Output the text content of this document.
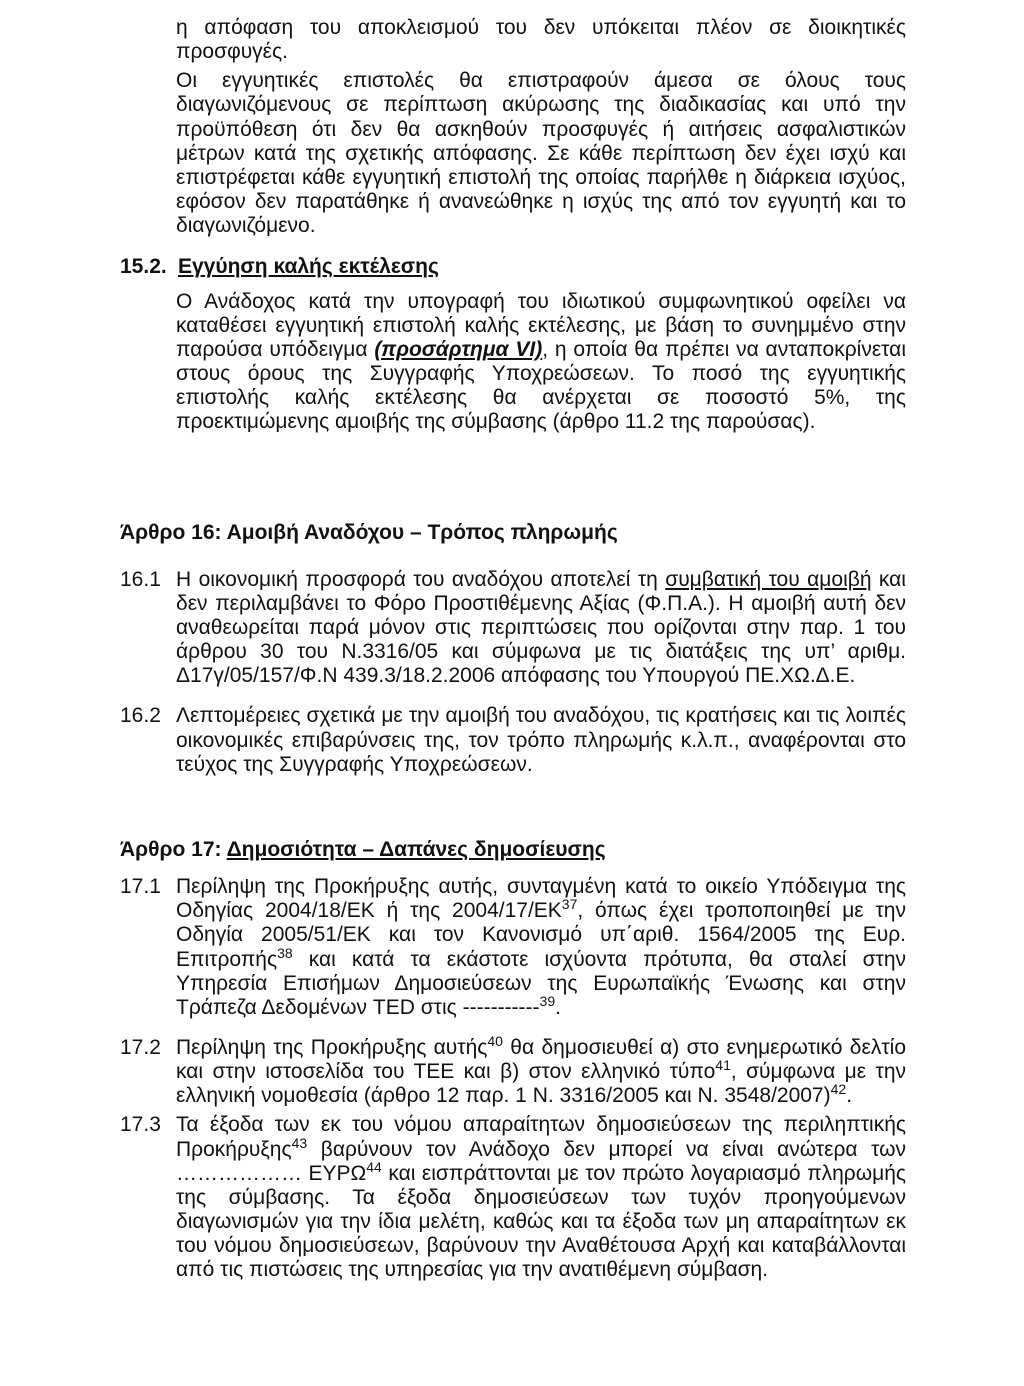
η απόφαση του αποκλεισμού του δεν υπόκειται πλέον σε διοικητικές προσφυγές.

Οι εγγυητικές επιστολές θα επιστραφούν άμεσα σε όλους τους διαγωνιζόμενους σε περίπτωση ακύρωσης της διαδικασίας και υπό την προϋπόθεση ότι δεν θα ασκηθούν προσφυγές ή αιτήσεις ασφαλιστικών μέτρων κατά της σχετικής απόφασης. Σε κάθε περίπτωση δεν έχει ισχύ και επιστρέφεται κάθε εγγυητική επιστολή της οποίας παρήλθε η διάρκεια ισχύος, εφόσον δεν παρατάθηκε ή ανανεώθηκε η ισχύς της από τον εγγυητή και το διαγωνιζόμενο.

15.2. Εγγύηση καλής εκτέλεσης

Ο Ανάδοχος κατά την υπογραφή του ιδιωτικού συμφωνητικού οφείλει να καταθέσει εγγυητική επιστολή καλής εκτέλεσης, με βάση το συνημμένο στην παρούσα υπόδειγμα (προσάρτημα VI), η οποία θα πρέπει να ανταποκρίνεται στους όρους της Συγγραφής Υποχρεώσεων. Το ποσό της εγγυητικής επιστολής καλής εκτέλεσης θα ανέρχεται σε ποσοστό 5%, της προεκτιμώμενης αμοιβής της σύμβασης (άρθρο 11.2 της παρούσας).

Άρθρο 16: Αμοιβή Αναδόχου – Τρόπος πληρωμής
16.1 Η οικονομική προσφορά του αναδόχου αποτελεί τη συμβατική του αμοιβή και δεν περιλαμβάνει το Φόρο Προστιθέμενης Αξίας (Φ.Π.Α.). Η αμοιβή αυτή δεν αναθεωρείται παρά μόνον στις περιπτώσεις που ορίζονται στην παρ. 1 του άρθρου 30 του Ν.3316/05 και σύμφωνα με τις διατάξεις της υπ’ αριθμ. Δ17γ/05/157/Φ.Ν 439.3/18.2.2006 απόφασης του Υπουργού ΠΕ.ΧΩ.Δ.Ε.

16.2 Λεπτομέρειες σχετικά με την αμοιβή του αναδόχου, τις κρατήσεις και τις λοιπές οικονομικές επιβαρύνσεις της, τον τρόπο πληρωμής κ.λ.π., αναφέρονται στο τεύχος της Συγγραφής Υποχρεώσεων.

Άρθρο 17: Δημοσιότητα – Δαπάνες δημοσίευσης
17.1 Περίληψη της Προκήρυξης αυτής, συνταγμένη κατά το οικείο Υπόδειγμα της Οδηγίας 2004/18/ΕΚ ή της 2004/17/ΕΚ$^{37}$, όπως έχει τροποποιηθεί με την Οδηγία 2005/51/ΕΚ και τον Κανονισμό υπ΄αριθ. 1564/2005 της Ευρ. Επιτροπής$^{38}$ και κατά τα εκάστοτε ισχύοντα πρότυπα, θα σταλεί στην Υπηρεσία Επισήμων Δημοσιεύσεων της Ευρωπαϊκής Ένωσης και στην Τράπεζα Δεδομένων TED στις -----------$^{39}$.

17.2 Περίληψη της Προκήρυξης αυτής$^{40}$ θα δημοσιευθεί α) στο ενημερωτικό δελτίο και στην ιστοσελίδα του ΤΕΕ και β) στον ελληνικό τύπο$^{41}$, σύμφωνα με την ελληνική νομοθεσία (άρθρο 12 παρ. 1 Ν. 3316/2005 και Ν. 3548/2007)$^{42}$.

17.3 Τα έξοδα των εκ του νόμου απαραίτητων δημοσιεύσεων της περιληπτικής Προκήρυξης$^{43}$ βαρύνουν τον Ανάδοχο δεν μπορεί να είναι ανώτερα των ……………… ΕΥΡΩ$^{44}$ και εισπράττονται με τον πρώτο λογαριασμό πληρωμής της σύμβασης. Τα έξοδα δημοσιεύσεων των τυχόν προηγούμενων διαγωνισμών για την ίδια μελέτη, καθώς και τα έξοδα των μη απαραίτητων εκ του νόμου δημοσιεύσεων, βαρύνουν την Αναθέτουσα Αρχή και καταβάλλονται από τις πιστώσεις της υπηρεσίας για την ανατιθέμενη σύμβαση.
